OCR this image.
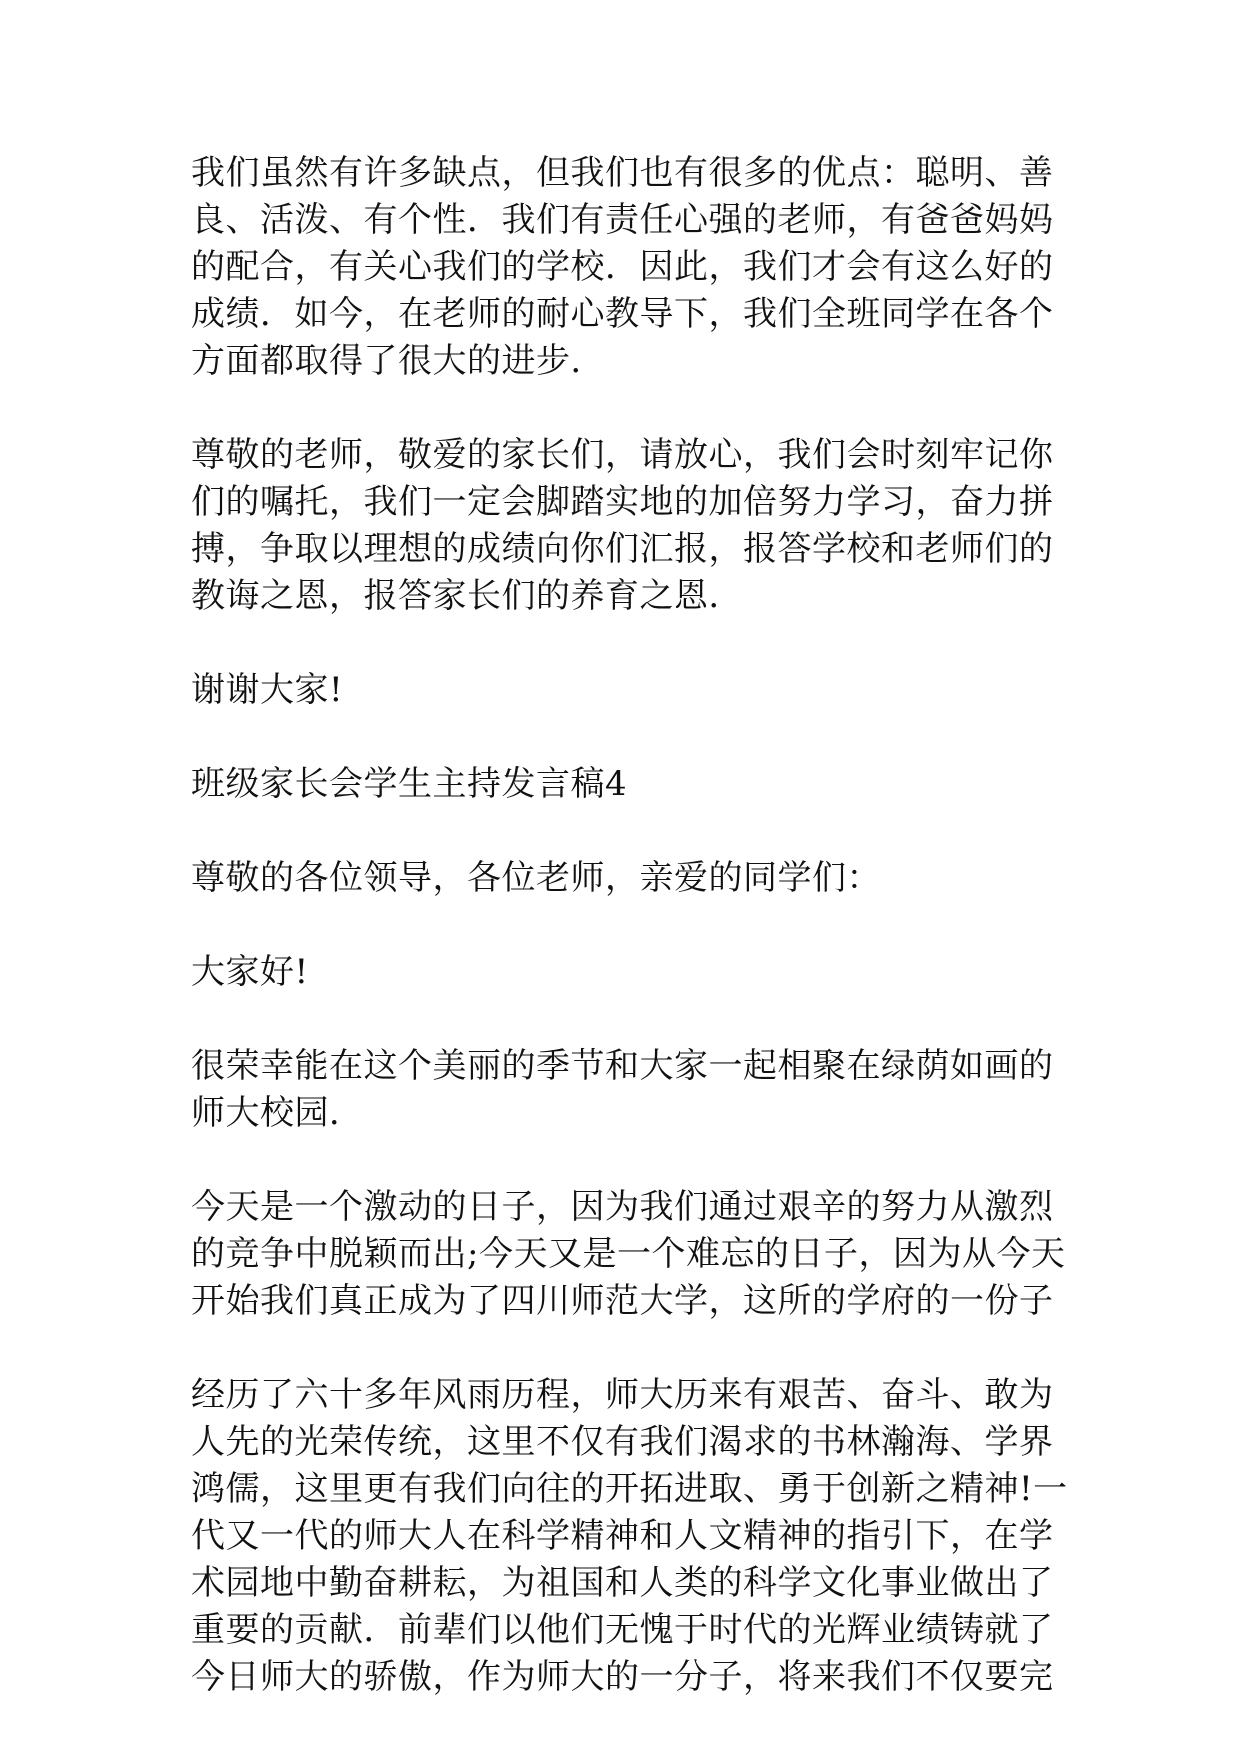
我们虽然有许多缺点，但我们也有很多的优点：聪明、善
良、活泼、有个性．我们有责任心强的老师，有爸爸妈妈
的配合，有关心我们的学校．因此，我们才会有这么好的
成绩．如今，在老师的耐心教导下，我们全班同学在各个
方面都取得了很大的进步．

尊敬的老师，敬爱的家长们，请放心，我们会时刻牢记你
们的嘱托，我们一定会脚踏实地的加倍努力学习，奋力拼
搏，争取以理想的成绩向你们汇报，报答学校和老师们的
教诲之恩，报答家长们的养育之恩．

谢谢大家!

班级家长会学生主持发言稿4

尊敬的各位领导，各位老师，亲爱的同学们：

大家好!

很荣幸能在这个美丽的季节和大家一起相聚在绿荫如画的
师大校园．

今天是一个激动的日子，因为我们通过艰辛的努力从激烈
的竞争中脱颖而出;今天又是一个难忘的日子，因为从今天
开始我们真正成为了四川师范大学，这所的学府的一份子

经历了六十多年风雨历程，师大历来有艰苦、奋斗、敢为
人先的光荣传统，这里不仅有我们渴求的书林瀚海、学界
鸿儒，这里更有我们向往的开拓进取、勇于创新之精神!一
代又一代的师大人在科学精神和人文精神的指引下，在学
术园地中勤奋耕耘，为祖国和人类的科学文化事业做出了
重要的贡献．前辈们以他们无愧于时代的光辉业绩铸就了
今日师大的骄傲，作为师大的一分子，将来我们不仅要完
